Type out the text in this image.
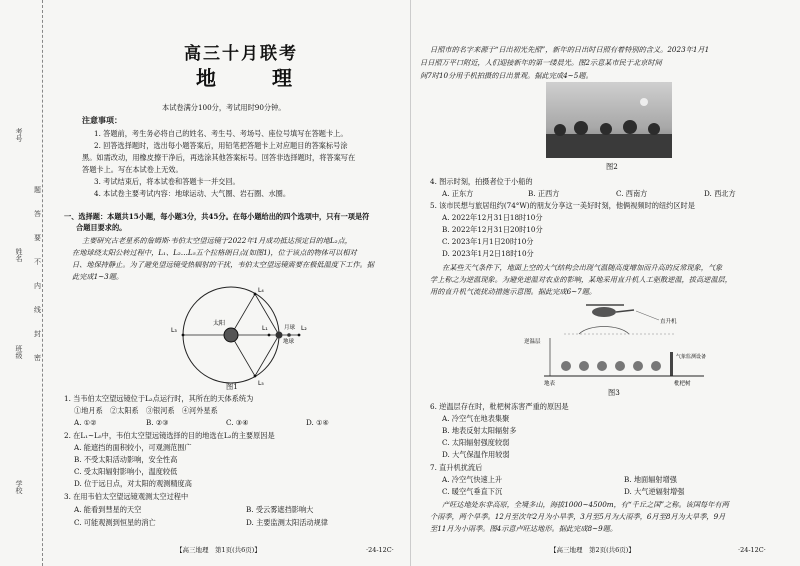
考号
姓名
班级
学校
题
答
要
不
内
线
封
密
高三十月联考
地　理
本试卷满分100分，考试用时90分钟。
注意事项：
1. 答题前，考生务必将自己的姓名、考生号、考场号、座位号填写在答题卡上。
2. 回答选择题时，选出每小题答案后，用铅笔把答题卡上对应题目的答案标号涂
黑。如需改动，用橡皮擦干净后，再选涂其他答案标号。回答非选择题时，将答案写在
答题卡上。写在本试卷上无效。
3. 考试结束后，将本试卷和答题卡一并交回。
4. 本试卷主要考试内容：地球运动、大气圈、岩石圈、水圈。
一、选择题：本题共15小题，每小题3分，共45分。在每小题给出的四个选项中，只有一项是符
合题目要求的。
主要研究古老星系的詹姆斯·韦伯太空望远镜于2022年1月成功抵达预定目的地L₂点，
在地球绕太阳公转过程中，L₁、L₂…L₅五个拉格朗日点(如图1)，位于该点的物体可以相对
日、地保持静止。为了避免望远镜受热辐射的干扰，韦伯太空望远镜需要在极低温度下工作。据
此完成1~3题。
太阳
月球
地球
L₁	L₂
L₃
L₄
L₅
图1
1. 当韦伯太空望远镜位于L₂点运行时，其所在的天体系统为
①地月系　②太阳系　③银河系　④河外星系
A. ①②	B. ②③	C. ③④	D. ①④
2. 在L₁~L₅中，韦伯太空望远镜选择的目的地选在L₂的主要原因是
A. 能遮挡的面积较小，可观测范围广
B. 不受太阳活动影响，安全性高
C. 受太阳辐射影响小，温度较低
D. 位于远日点，对太阳的观测精度高
3. 在用韦伯太空望远镜观测太空过程中
A. 能看到彗星的天空	B. 受云雾遮挡影响大
C. 可能观测到恒星的消亡	D. 主要监测太阳活动规律
【高三地理　第1页(共6页)】	·24-12C·
日照市的名字来源于“日出初光先照”，新年的日出时日照有着特别的含义。2023年1月1
日日照万平口附近，人们迎接新年的第一缕晨光。图2示意某市民于北京时间
间7时10分用手机拍摄的日出景观。据此完成4~5题。
图2
4. 图示时刻，拍摄者位于小船的
A. 正东方	B. 正西方	C. 西南方	D. 西北方
5. 该市民想与旅居纽约(74°W)的朋友分享这一美好时刻，他俩视频时的纽约区时是
A. 2022年12月31日18时10分
B. 2022年12月31日20时10分
C. 2023年1月1日20时10分
D. 2023年1月2日18时10分
在某些天气条件下，地面上空的大气结构会出现气温随高度增加而升高的反常现象，气象
学上称之为逆温现象。为避免逆温对农业的影响，某地采用直升机人工驱散逆温，拔高逆温层，
用的直升机气流扰动措施示意图。据此完成6~7题。
直升机
逆温层
气象监测设备
地表	枇杷树
图3
6. 逆温层存在时，枇杷树冻害严重的原因是
A. 冷空气在地表集聚
B. 地表反射太阳辐射多
C. 太阳辐射强度较弱
D. 大气保温作用较弱
7. 直升机扰流后
A. 冷空气快速上升	B. 地面辐射增强
C. 暖空气垂直下沉	D. 大气逆辐射增强
产旺达地处东非高原，全境多山，海拔1000~4500m，有“千丘之国”之称。该国每年有两
个雨季，两个旱季。12月至次年2月为小旱季，3月至5月为大雨季，6月至8月为大旱季，9月
至11月为小雨季。图4示意卢旺达地形。据此完成8~9题。
【高三地理　第2页(共6页)】	·24-12C·
